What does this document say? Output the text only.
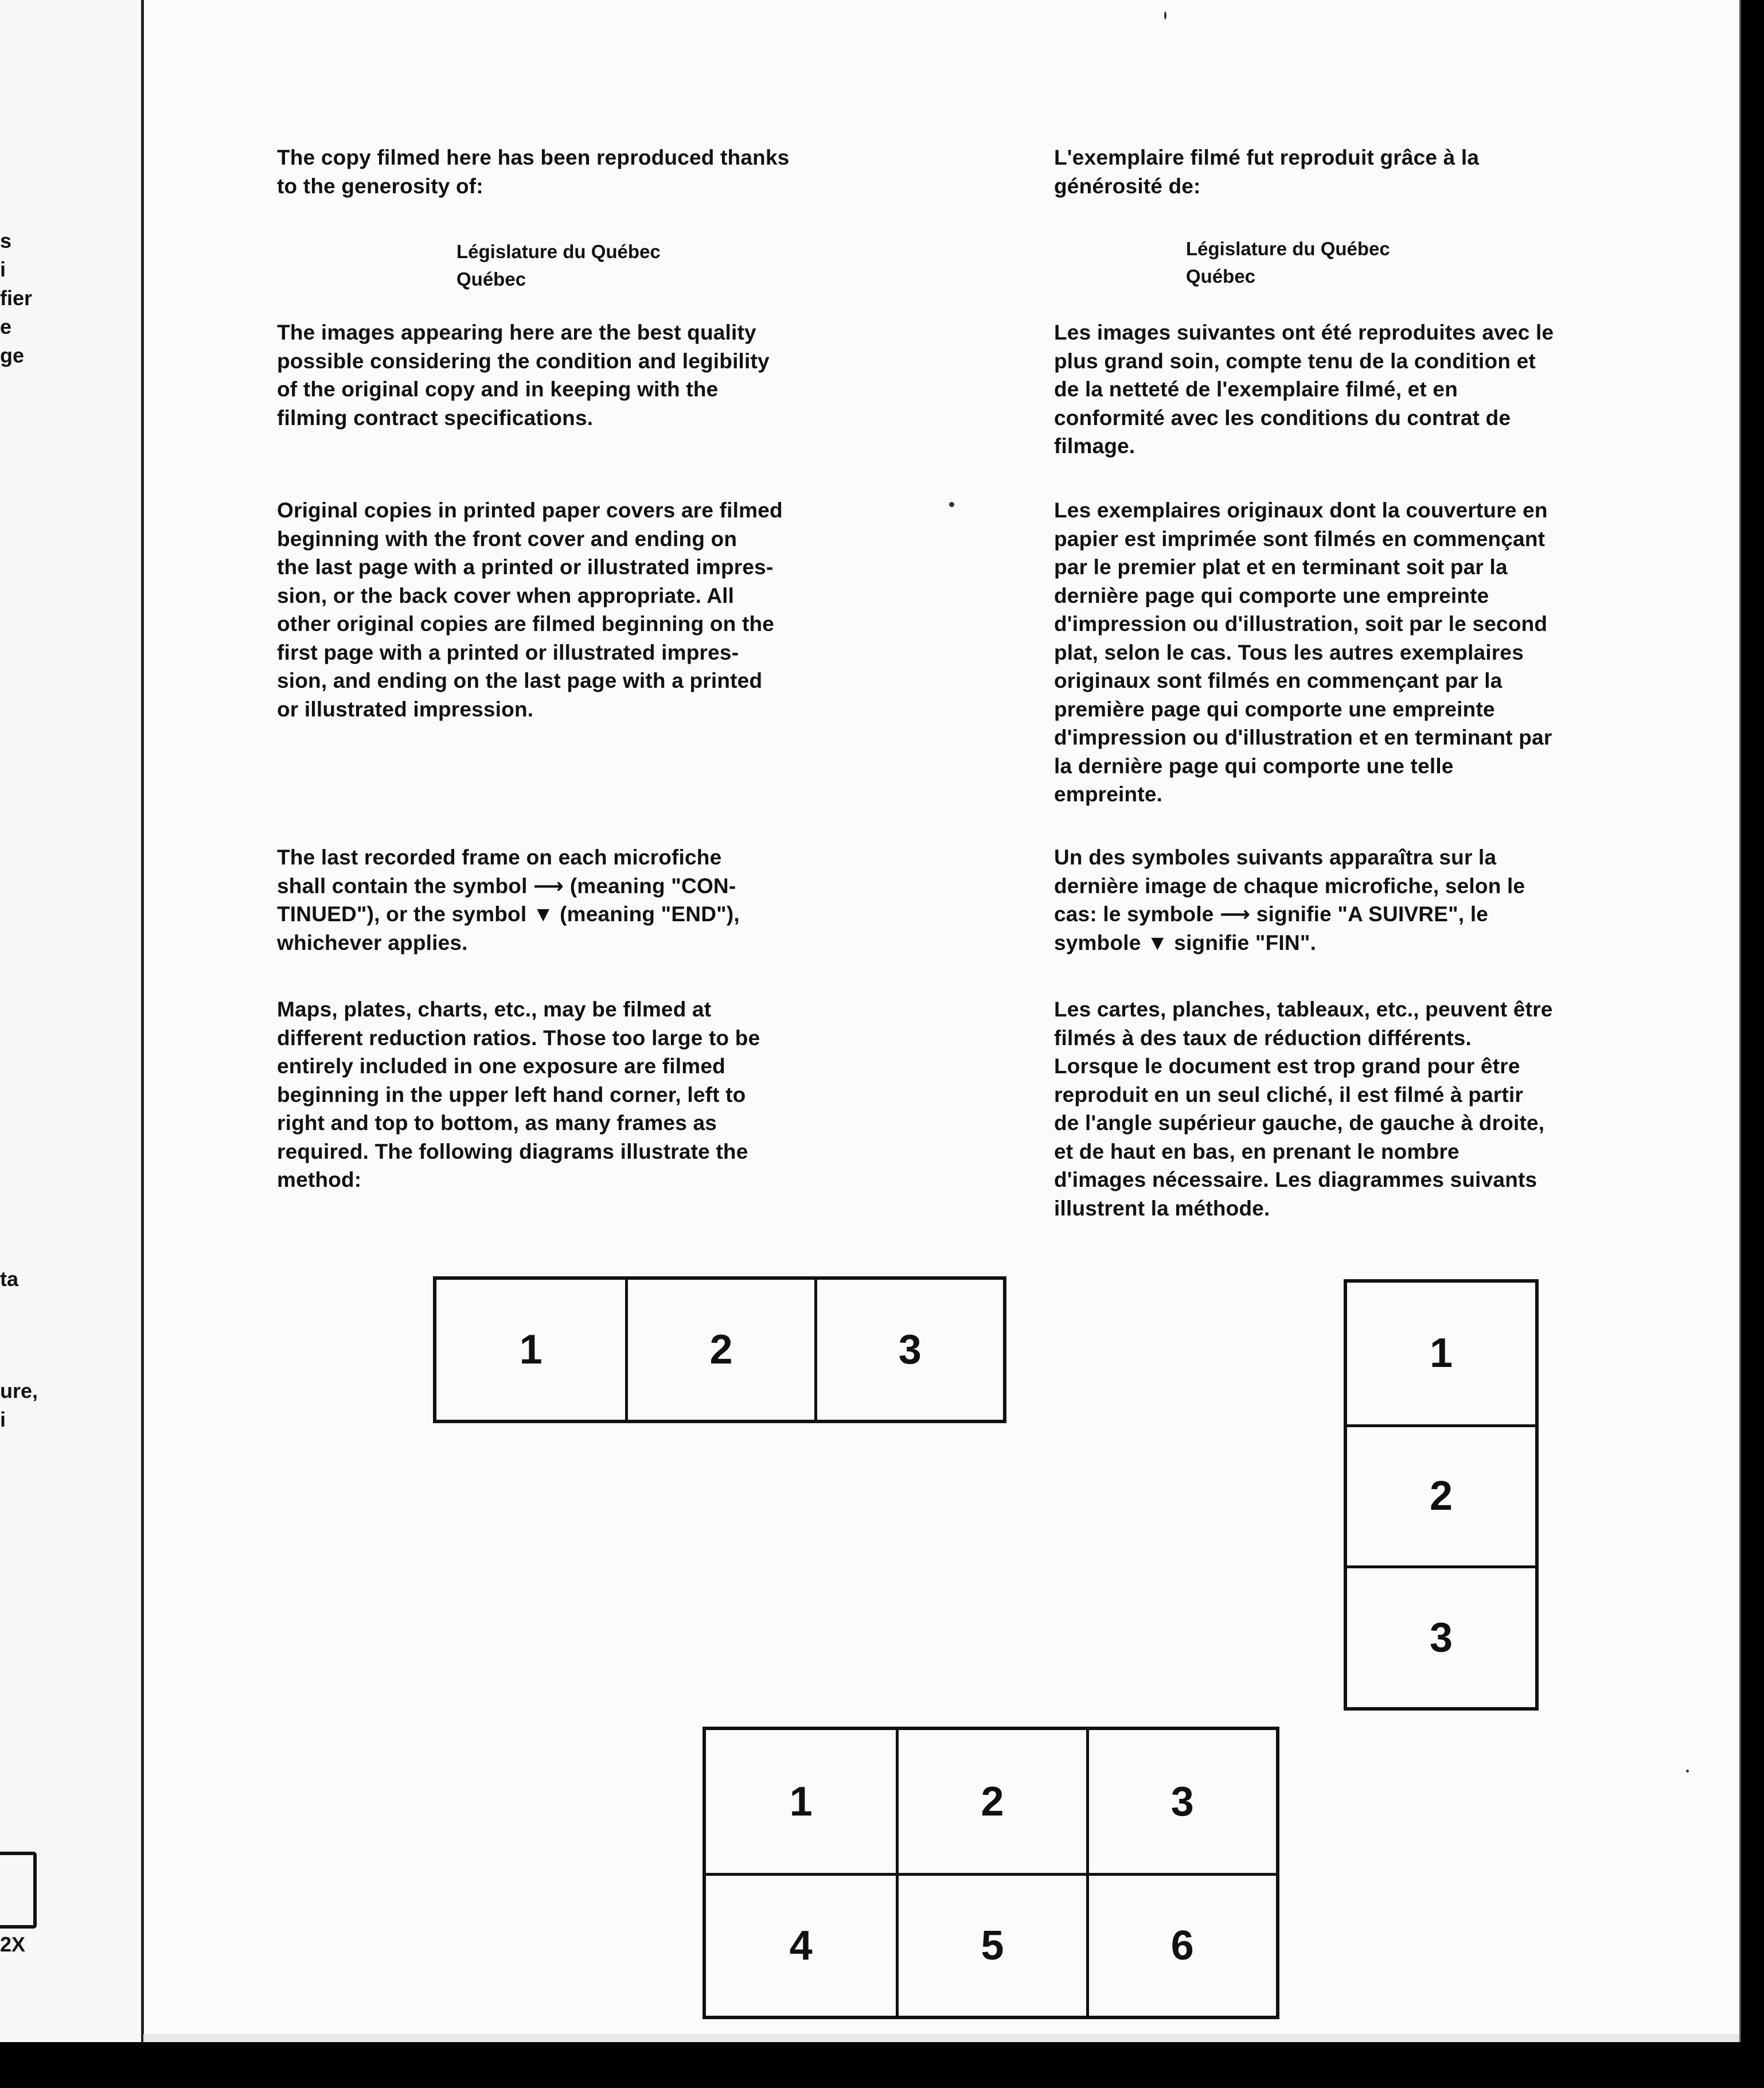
s
i
fier
e
ge
ta
ure,
i
2X
The copy filmed here has been reproduced thanks
to the generosity of:
Législature du Québec
Québec
The images appearing here are the best quality
possible considering the condition and legibility
of the original copy and in keeping with the
filming contract specifications.
Original copies in printed paper covers are filmed
beginning with the front cover and ending on
the last page with a printed or illustrated impres-
sion, or the back cover when appropriate. All
other original copies are filmed beginning on the
first page with a printed or illustrated impres-
sion, and ending on the last page with a printed
or illustrated impression.
The last recorded frame on each microfiche
shall contain the symbol ⟶ (meaning "CON-
TINUED"), or the symbol ▼ (meaning "END"),
whichever applies.
Maps, plates, charts, etc., may be filmed at
different reduction ratios. Those too large to be
entirely included in one exposure are filmed
beginning in the upper left hand corner, left to
right and top to bottom, as many frames as
required. The following diagrams illustrate the
method:
L'exemplaire filmé fut reproduit grâce à la
générosité de:
Législature du Québec
Québec
Les images suivantes ont été reproduites avec le
plus grand soin, compte tenu de la condition et
de la netteté de l'exemplaire filmé, et en
conformité avec les conditions du contrat de
filmage.
Les exemplaires originaux dont la couverture en
papier est imprimée sont filmés en commençant
par le premier plat et en terminant soit par la
dernière page qui comporte une empreinte
d'impression ou d'illustration, soit par le second
plat, selon le cas. Tous les autres exemplaires
originaux sont filmés en commençant par la
première page qui comporte une empreinte
d'impression ou d'illustration et en terminant par
la dernière page qui comporte une telle
empreinte.
Un des symboles suivants apparaîtra sur la
dernière image de chaque microfiche, selon le
cas: le symbole ⟶ signifie "A SUIVRE", le
symbole ▼ signifie "FIN".
Les cartes, planches, tableaux, etc., peuvent être
filmés à des taux de réduction différents.
Lorsque le document est trop grand pour être
reproduit en un seul cliché, il est filmé à partir
de l'angle supérieur gauche, de gauche à droite,
et de haut en bas, en prenant le nombre
d'images nécessaire. Les diagrammes suivants
illustrent la méthode.
1	2	3	1
2
3
1	2	3
4	5	6
